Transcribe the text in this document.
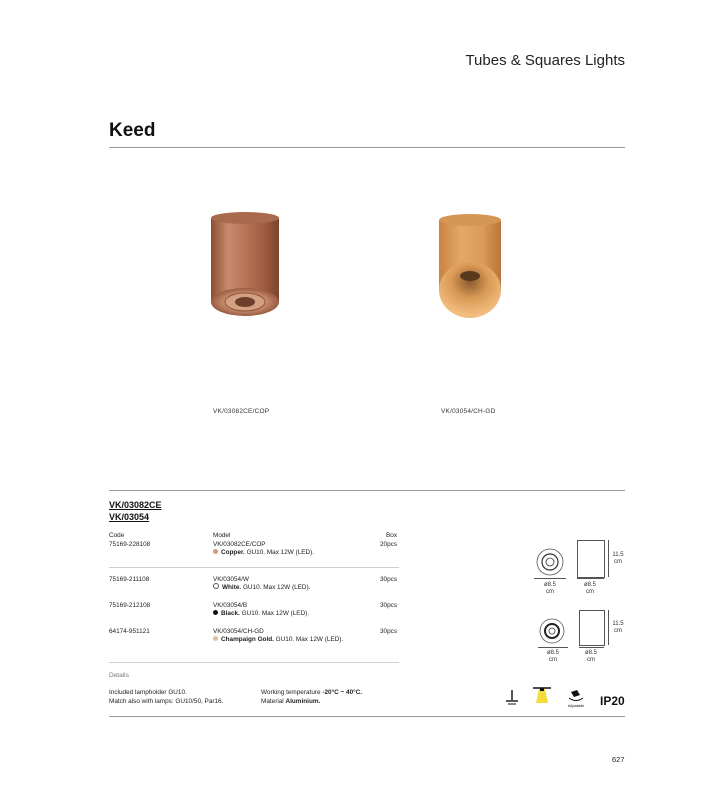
Tubes & Squares Lights
Keed
VK/03082CE/COP	VK/03054/CH-GD
VK/03082CE
VK/03054
Code	Model	Box
75169-228108	VK/03082CE/COP
Copper. GU10. Max 12W (LED).
20pcs
75169-211108	VK/03054/W
White. GU10. Max 12W (LED).
30pcs
75169-212108	VK/03054/B
Black. GU10. Max 12W (LED).
30pcs
64174-951121	VK/03054/CH-GD
Champaign Gold. GU10. Max 12W (LED).
30pcs
ø8.5
cm
11.5
cm
ø8.5
cm
ø8.5
cm
11.5
cm
ø8.5
cm
Details
Included lampholder GU10.
Match also with lamps: GU10/50, Par16.
Working temperature -20°C ~ 40°C.
Material Aluminium.
Adjustable IP20
627
